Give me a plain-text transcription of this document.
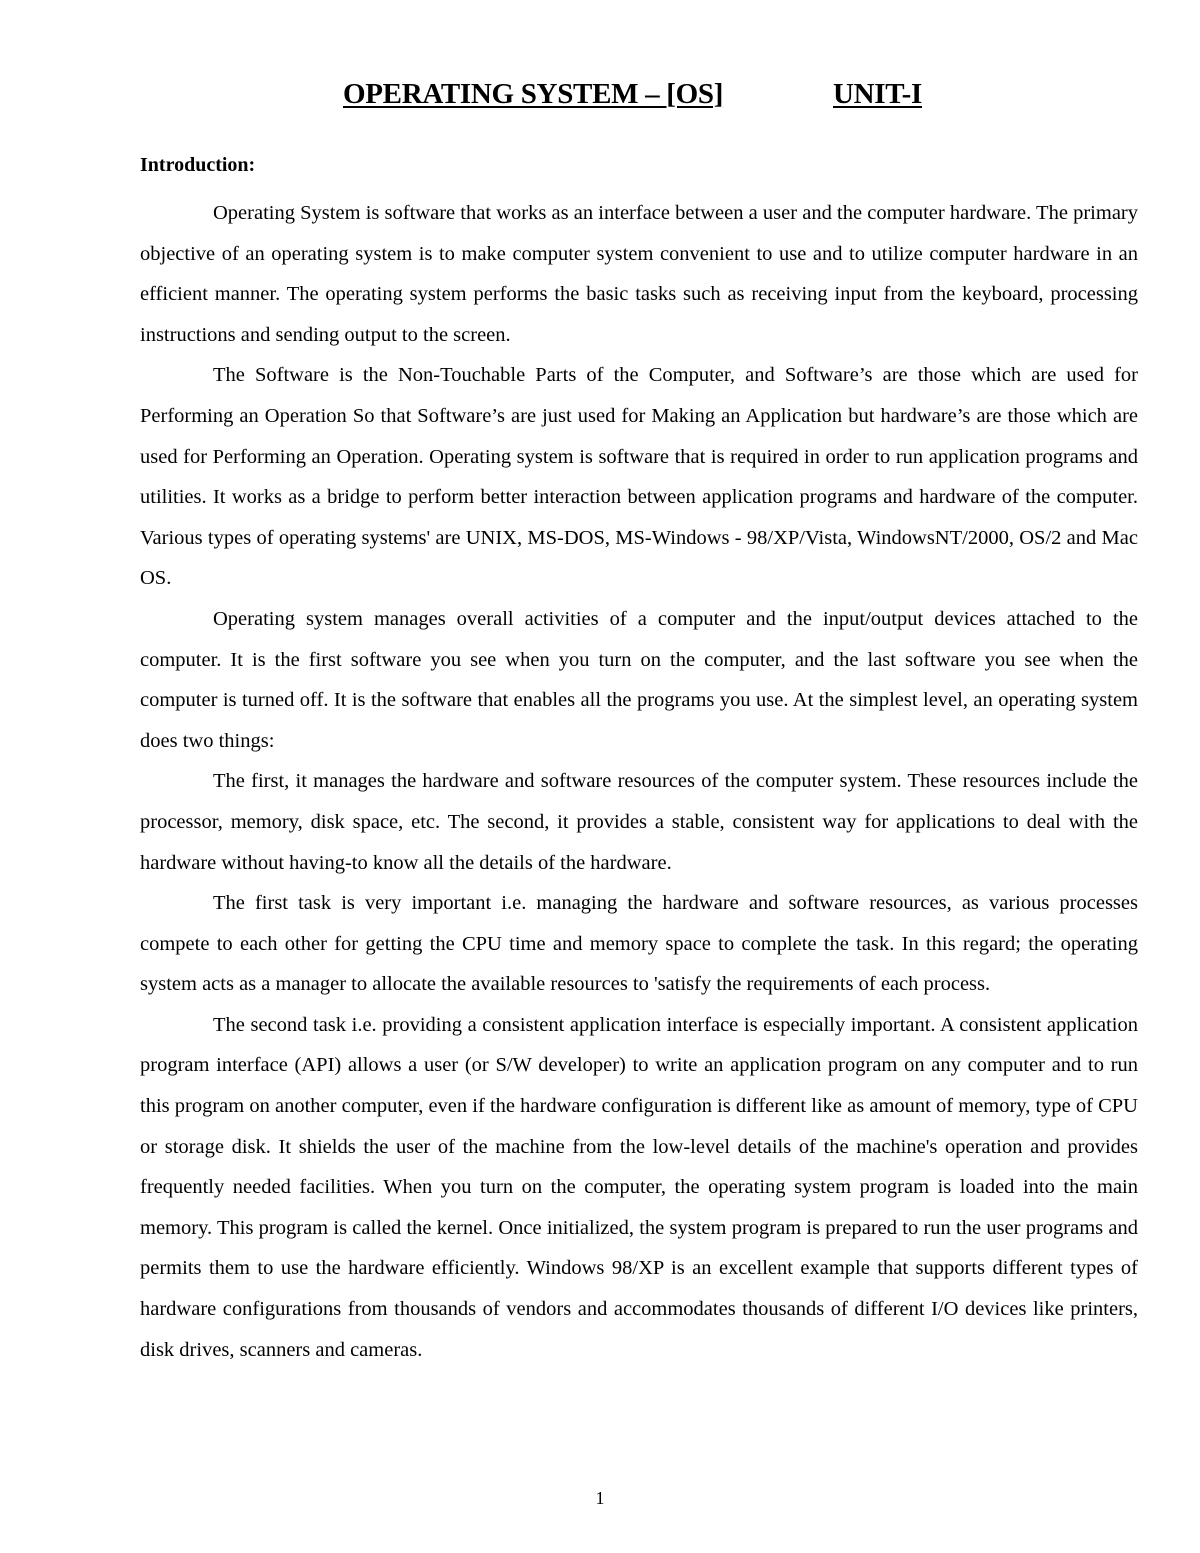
OPERATING SYSTEM – [OS]	UNIT-I
Introduction:

Operating System is software that works as an interface between a user and the computer hardware. The primary objective of an operating system is to make computer system convenient to use and to utilize computer hardware in an efficient manner. The operating system performs the basic tasks such as receiving input from the keyboard, processing instructions and sending output to the screen.

The Software is the Non-Touchable Parts of the Computer, and Software’s are those which are used for Performing an Operation So that Software’s are just used for Making an Application but hardware’s are those which are used for Performing an Operation. Operating system is software that is required in order to run application programs and utilities. It works as a bridge to perform better interaction between application programs and hardware of the computer. Various types of operating systems' are UNIX, MS-DOS, MS-Windows - 98/XP/Vista, WindowsNT/2000, OS/2 and Mac OS.

Operating system manages overall activities of a computer and the input/output devices attached to the computer. It is the first software you see when you turn on the computer, and the last software you see when the computer is turned off. It is the software that enables all the programs you use. At the simplest level, an operating system does two things:

The first, it manages the hardware and software resources of the computer system. These resources include the processor, memory, disk space, etc. The second, it provides a stable, consistent way for applications to deal with the hardware without having-to know all the details of the hardware.

The first task is very important i.e. managing the hardware and software resources, as various processes compete to each other for getting the CPU time and memory space to complete the task. In this regard; the operating system acts as a manager to allocate the available resources to 'satisfy the requirements of each process.

The second task i.e. providing a consistent application interface is especially important. A consistent application program interface (API) allows a user (or S/W developer) to write an application program on any computer and to run this program on another computer, even if the hardware configuration is different like as amount of memory, type of CPU or storage disk. It shields the user of the machine from the low-level details of the machine's operation and provides frequently needed facilities. When you turn on the computer, the operating system program is loaded into the main memory. This program is called the kernel. Once initialized, the system program is prepared to run the user programs and permits them to use the hardware efficiently. Windows 98/XP is an excellent example that supports different types of hardware configurations from thousands of vendors and accommodates thousands of different I/O devices like printers, disk drives, scanners and cameras.

1
